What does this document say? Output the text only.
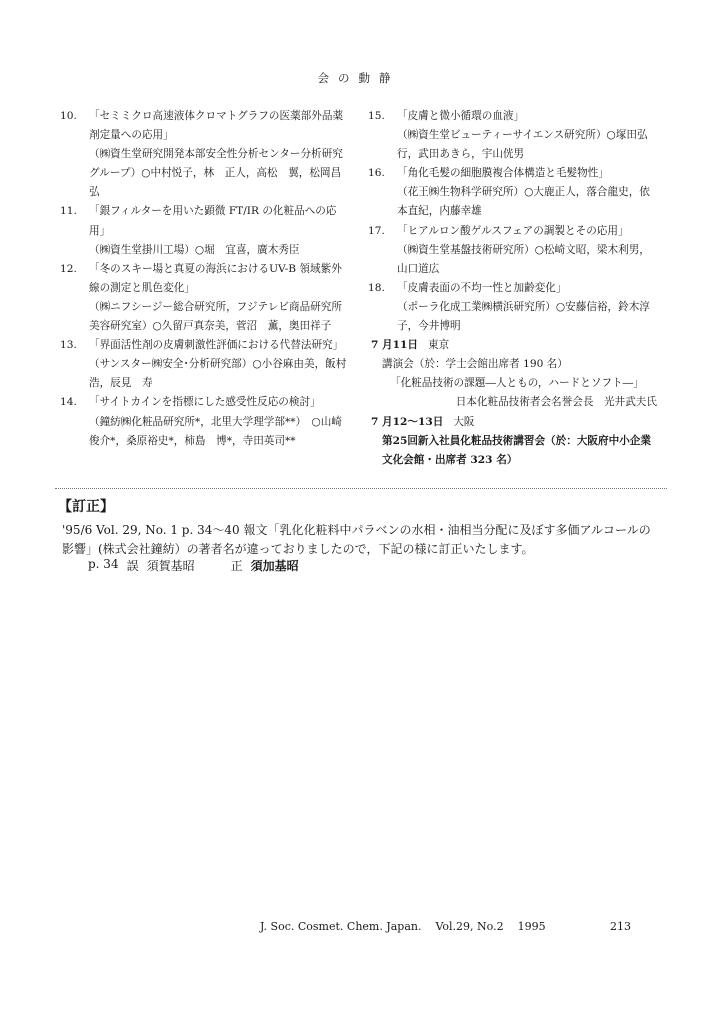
会の動静
10.	「セミミクロ高速液体クロマトグラフの医薬部外品薬剤定量への応用」
（㈱資生堂研究開発本部安全性分析センター分析研究グループ）○中村悦子，林　正人，高松　翼，松岡昌弘
11.	「銀フィルターを用いた顕微 FT/IR の化粧品への応用」
（㈱資生堂掛川工場）○堀　宜喜，廣木秀臣
12.	「冬のスキー場と真夏の海浜におけるUV-B 領域紫外線の測定と肌色変化」
（㈱ニフシージー総合研究所，フジテレビ商品研究所美容研究室）○久留戸真奈美，菅沼　薫，奥田祥子
13.	「界面活性剤の皮膚刺激性評価における代替法研究」
（サンスター㈱安全･分析研究部）○小谷麻由美，飯村　浩，辰見　寿
14.	「サイトカインを指標にした感受性反応の検討」
（鐘紡㈱化粧品研究所*，北里大学理学部**）　○山崎俊介*，桑原裕史*，柿島　博*，寺田英司**
15.	「皮膚と微小循環の血液」
（㈱資生堂ビューティーサイエンス研究所）○塚田弘行，武田あきら，宇山侊男
16.	「角化毛髪の細胞膜複合体構造と毛髪物性」
（花王㈱生物科学研究所）○大鹿正人，落合龍史，依本直紀，内藤幸雄
17.	「ヒアルロン酸ゲルスフェアの調製とその応用」
（㈱資生堂基盤技術研究所）○松崎文昭，梁木利男，山口道広
18.	「皮膚表面の不均一性と加齢変化」
（ポーラ化成工業㈱横浜研究所）○安藤信裕，鈴木淳子，今井博明
7 月11日 東京
講演会（於：学士会館出席者 190 名）
「化粧品技術の課題―人ともの，ハードとソフト―」
日本化粧品技術者会名誉会長　光井武夫氏
7 月12～13日 大阪
第25回新入社員化粧品技術講習会（於：大阪府中小企業文化会館・出席者 323 名）
【訂正】
'95/6 Vol. 29, No. 1 p. 34～40 報文「乳化化粧料中パラベンの水相・油相当分配に及ぼす多価アルコールの影響」(株式会社鐘紡）の著者名が違っておりましたので，下記の様に訂正いたします。
p. 34 誤 須賀基昭	正 須加基昭
J. Soc. Cosmet. Chem. Japan. Vol.29, No.2 1995	213
